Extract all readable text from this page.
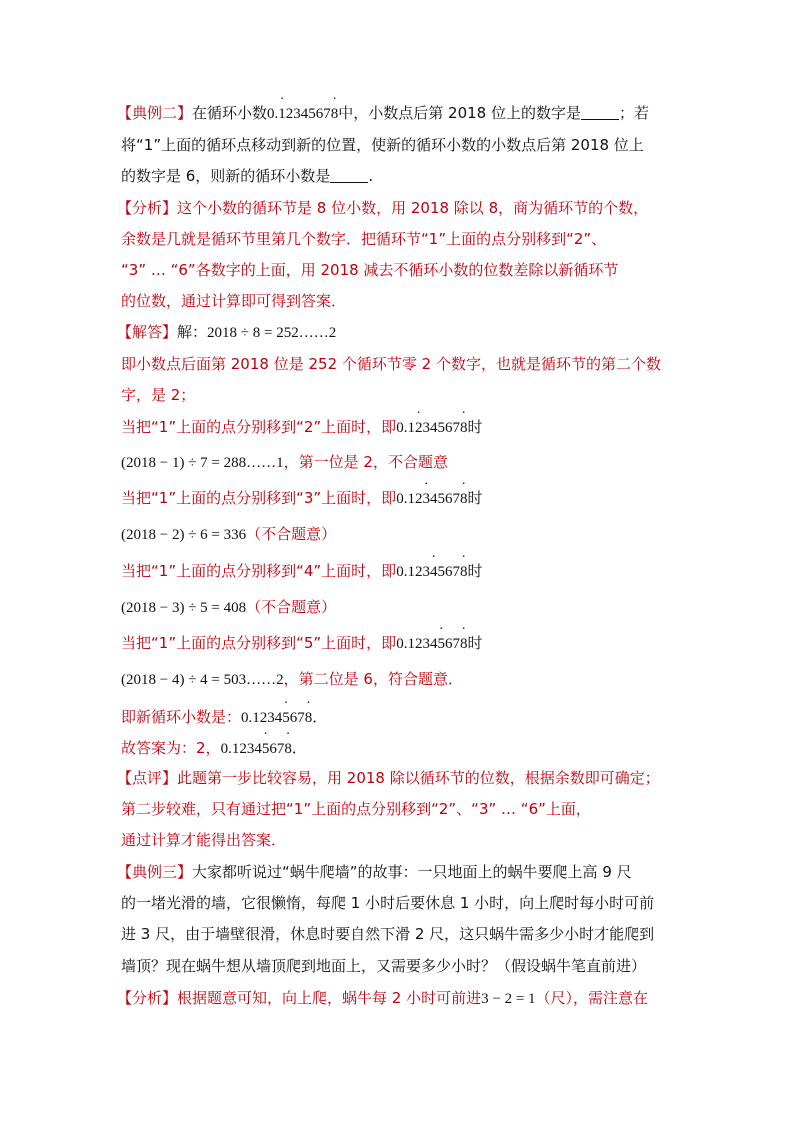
【典例二】在循环小数0.· 1234567· 8中，小数点后第 2018 位上的数字是	；若
将“1”上面的循环点移动到新的位置，使新的循环小数的小数点后第 2018 位上
的数字是 6，则新的循环小数是	.
【分析】这个小数的循环节是 8 位小数，用 2018 除以 8，商为循环节的个数，
余数是几就是循环节里第几个数字．把循环节“1”上面的点分别移到“2”、
“3” … “6”各数字的上面，用 2018 减去不循环小数的位数差除以新循环节
的位数，通过计算即可得到答案．
【解答】解：2018 ÷ 8 = 252……2
即小数点后面第 2018 位是 252 个循环节零 2 个数字，也就是循环节的第二个数
字，是 2；
当把“1”上面的点分别移到“2”上面时，即0.1· 234567· 8时
(2018 − 1) ÷ 7 = 288……1，第一位是 2，不合题意
当把“1”上面的点分别移到“3”上面时，即0.12· 34567· 8时
(2018 − 2) ÷ 6 = 336（不合题意）
当把“1”上面的点分别移到“4”上面时，即0.123· 4567· 8时
(2018 − 3) ÷ 5 = 408（不合题意）
当把“1”上面的点分别移到“5”上面时，即0.1234· 567· 8时
(2018 − 4) ÷ 4 = 503……2，第二位是 6，符合题意．
即新循环小数是：0.1234· 567· 8．
故答案为：2，0.1234· 567· 8．
【点评】此题第一步比较容易，用 2018 除以循环节的位数，根据余数即可确定；
第二步较难，只有通过把“1”上面的点分别移到“2”、“3” … “6”上面，
通过计算才能得出答案．
【典例三】大家都听说过“蜗牛爬墙”的故事：一只地面上的蜗牛要爬上高 9 尺
的一堵光滑的墙，它很懒惰，每爬 1 小时后要休息 1 小时，向上爬时每小时可前
进 3 尺，由于墙壁很滑，休息时要自然下滑 2 尺，这只蜗牛需多少小时才能爬到
墙顶？现在蜗牛想从墙顶爬到地面上，又需要多少小时？（假设蜗牛笔直前进）
【分析】根据题意可知，向上爬，蜗牛每 2 小时可前进3 − 2 = 1（尺），需注意在
